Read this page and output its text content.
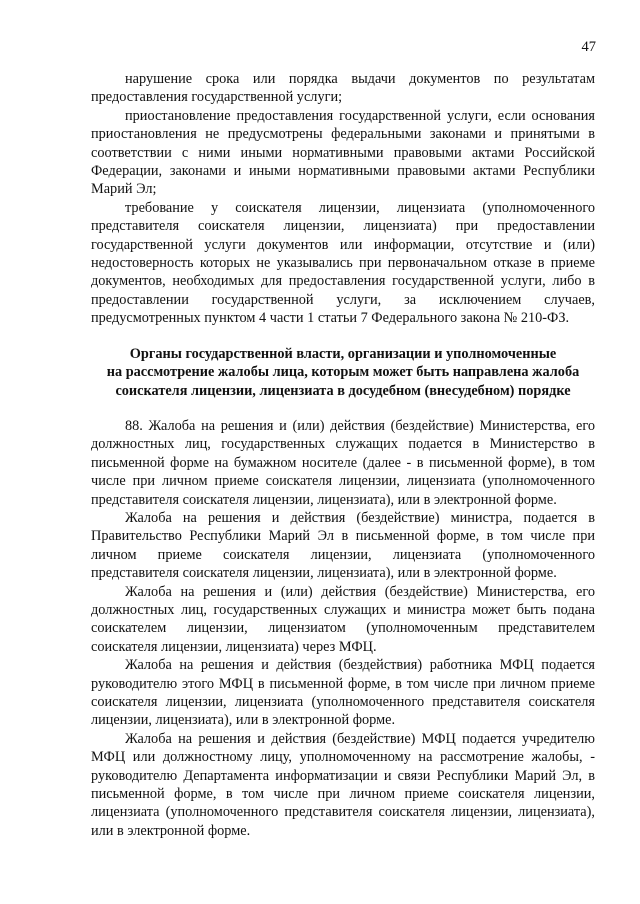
47

нарушение срока или порядка выдачи документов по результатам предоставления государственной услуги;

приостановление предоставления государственной услуги, если основания приостановления не предусмотрены федеральными законами и принятыми в соответствии с ними иными нормативными правовыми актами Российской Федерации, законами и иными нормативными правовыми актами Республики Марий Эл;

требование у соискателя лицензии, лицензиата (уполномоченного представителя соискателя лицензии, лицензиата) при предоставлении государственной услуги документов или информации, отсутствие и (или) недостоверность которых не указывались при первоначальном отказе в приеме документов, необходимых для предоставления государственной услуги, либо в предоставлении государственной услуги, за исключением случаев, предусмотренных пунктом 4 части 1 статьи 7 Федерального закона № 210-ФЗ.

Органы государственной власти, организации и уполномоченные
на рассмотрение жалобы лица, которым может быть направлена жалоба
соискателя лицензии, лицензиата в досудебном (внесудебном) порядке

88. Жалоба на решения и (или) действия (бездействие) Министерства, его должностных лиц, государственных служащих подается в Министерство в письменной форме на бумажном носителе (далее - в письменной форме), в том числе при личном приеме соискателя лицензии, лицензиата (уполномоченного представителя соискателя лицензии, лицензиата), или в электронной форме.

Жалоба на решения и действия (бездействие) министра, подается в Правительство Республики Марий Эл в письменной форме, в том числе при личном приеме соискателя лицензии, лицензиата (уполномоченного представителя соискателя лицензии, лицензиата), или в электронной форме.

Жалоба на решения и (или) действия (бездействие) Министерства, его должностных лиц, государственных служащих и министра может быть подана соискателем лицензии, лицензиатом (уполномоченным представителем соискателя лицензии, лицензиата) через МФЦ.

Жалоба на решения и действия (бездействия) работника МФЦ подается руководителю этого МФЦ в письменной форме, в том числе при личном приеме соискателя лицензии, лицензиата (уполномоченного представителя соискателя лицензии, лицензиата), или в электронной форме.

Жалоба на решения и действия (бездействие) МФЦ подается учредителю МФЦ или должностному лицу, уполномоченному на рассмотрение жалобы, - руководителю Департамента информатизации и связи Республики Марий Эл, в письменной форме, в том числе при личном приеме соискателя лицензии, лицензиата (уполномоченного представителя соискателя лицензии, лицензиата), или в электронной форме.
